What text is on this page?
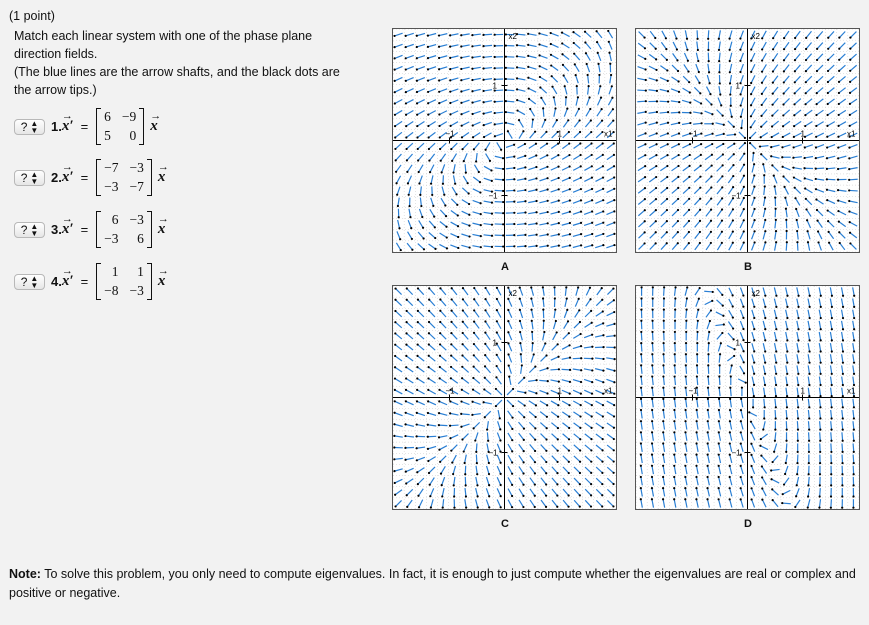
(1 point)
Match each linear system with one of the phase plane
direction fields.
(The blue lines are the arrow shafts, and the black dots are
the arrow tips.)
? ▲
▼ 1.
→
x′ =
6 −9
5	0
→
x
? ▲
▼ 2.
→
x′ =
−7 −3
−3 −7
→
x
? ▲
▼ 3.
→
x′ =
6 −3
−3	6
→
x
? ▲
▼ 4.
→
x′ =
1	1
−8 −3
→
x
x2
x1
1
−1
1
−1
A
x2
x1
1
−1
1
−1
B
x2
x1
1
−1
1
−1
C
x2
x1
1
−1
1
−1
D
Note: To solve this problem, you only need to compute eigenvalues. In fact, it is enough to just compute whether the eigenvalues are real or complex and positive or negative.
